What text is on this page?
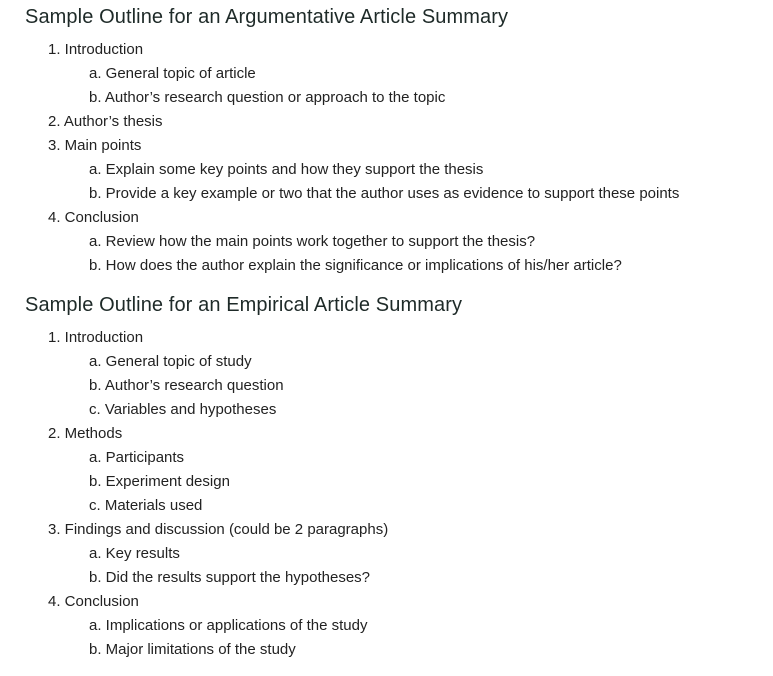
Sample Outline for an Argumentative Article Summary
1. Introduction
a. General topic of article
b. Author’s research question or approach to the topic
2. Author’s thesis
3. Main points
a. Explain some key points and how they support the thesis
b. Provide a key example or two that the author uses as evidence to support these points
4. Conclusion
a. Review how the main points work together to support the thesis?
b. How does the author explain the significance or implications of his/her article?
Sample Outline for an Empirical Article Summary
1. Introduction
a. General topic of study
b. Author’s research question
c. Variables and hypotheses
2. Methods
a. Participants
b. Experiment design
c. Materials used
3. Findings and discussion (could be 2 paragraphs)
a. Key results
b. Did the results support the hypotheses?
4. Conclusion
a. Implications or applications of the study
b. Major limitations of the study
